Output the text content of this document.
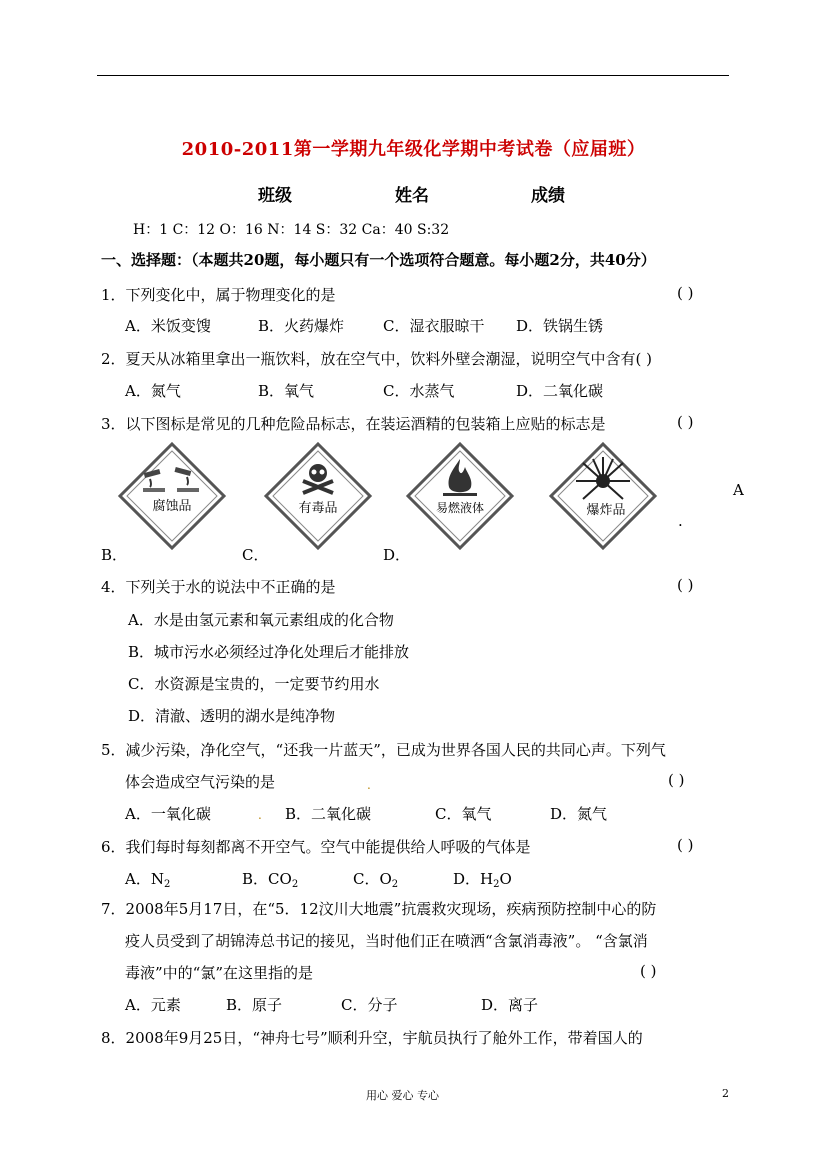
2010-2011第一学期九年级化学期中考试卷（应届班）
班级	姓名	成绩
H：1 C：12 O：16 N：14 S：32 Ca：40 S:32
一、选择题：（本题共20题，每小题只有一个选项符合题意。每小题2分，共40分）
1．下列变化中，属于物理变化的是	( )
A．米饭变馊	B．火药爆炸	C．湿衣服晾干 D．铁锅生锈
2．夏天从冰箱里拿出一瓶饮料，放在空气中，饮料外壁会潮湿，说明空气中含有( )
A．氮气	B．氧气	C．水蒸气	D．二氧化碳
3．以下图标是常见的几种危险品标志，在装运酒精的包装箱上应贴的标志是	( )
腐蚀品	有毒品	易燃液体	爆炸品
A
.
B．	C．	D．
4．下列关于水的说法中不正确的是	( )
A．水是由氢元素和氧元素组成的化合物
B．城市污水必须经过净化处理后才能排放
C．水资源是宝贵的，一定要节约用水
D．清澈、透明的湖水是纯净物
5．减少污染，净化空气，“还我一片蓝天”，已成为世界各国人民的共同心声。下列气
体会造成空气污染的是	.	( )
A．一氧化碳	. B．二氧化碳	C．氧气	D．氮气
6．我们每时每刻都离不开空气。空气中能提供给人呼吸的气体是	( )
A．$N_2$	B．$CO_2$	C．$O_2$	D．$H_2O$
7．2008年5月17日，在“5．12汶川大地震”抗震救灾现场，疾病预防控制中心的防
疫人员受到了胡锦涛总书记的接见，当时他们正在喷洒“含氯消毒液”。 “含氯消
毒液”中的“氯”在这里指的是	( )
A．元素	B．原子	C．分子	D．离子
8．2008年9月25日，“神舟七号”顺利升空，宇航员执行了舱外工作，带着国人的
用心 爱心 专心	2
